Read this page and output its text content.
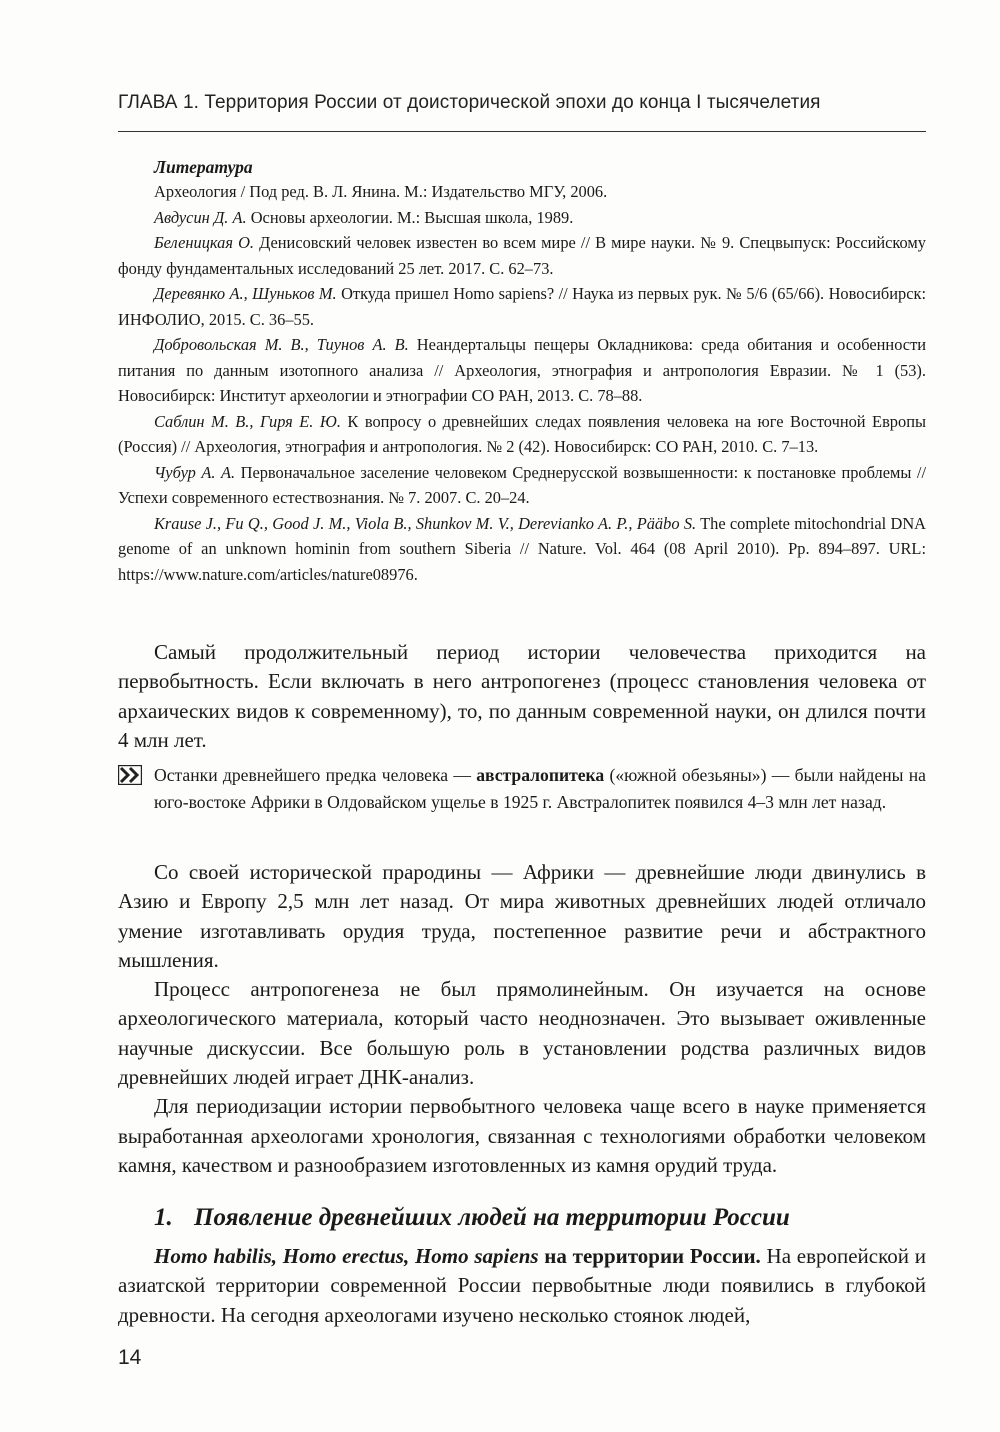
ГЛАВА 1. Территория России от доисторической эпохи до конца I тысячелетия
Литература

Археология / Под ред. В. Л. Янина. М.: Издательство МГУ, 2006.

Авдусин Д. А. Основы археологии. М.: Высшая школа, 1989.

Беленицкая О. Денисовский человек известен во всем мире // В мире науки. № 9. Спецвыпуск: Российскому фонду фундаментальных исследований 25 лет. 2017. С. 62–73.

Деревянко А., Шуньков М. Откуда пришел Homo sapiens? // Наука из первых рук. № 5/6 (65/66). Новосибирск: ИНФОЛИО, 2015. С. 36–55.

Добровольская М. В., Тиунов А. В. Неандертальцы пещеры Окладникова: среда обитания и особенности питания по данным изотопного анализа // Археология, этнография и антропология Евразии. № 1 (53). Новосибирск: Институт археологии и этнографии СО РАН, 2013. С. 78–88.

Саблин М. В., Гиря Е. Ю. К вопросу о древнейших следах появления человека на юге Восточной Европы (Россия) // Археология, этнография и антропология. № 2 (42). Новосибирск: СО РАН, 2010. С. 7–13.

Чубур А. А. Первоначальное заселение человеком Среднерусской возвышенности: к постановке проблемы // Успехи современного естествознания. № 7. 2007. С. 20–24.

Krause J., Fu Q., Good J. M., Viola B., Shunkov M. V., Derevianko A. P., Pääbo S. The complete mitochondrial DNA genome of an unknown hominin from southern Siberia // Nature. Vol. 464 (08 April 2010). Pp. 894–897. URL: https://www.nature.com/articles/nature08976.

Самый продолжительный период истории человечества приходится на первобытность. Если включать в него антропогенез (процесс становления человека от архаических видов к современному), то, по данным современной науки, он длился почти 4 млн лет.

Останки древнейшего предка человека — австралопитека («южной обезьяны») — были найдены на юго-востоке Африки в Олдовайском ущелье в 1925 г. Австралопитек появился 4–3 млн лет назад.

Со своей исторической прародины — Африки — древнейшие люди двинулись в Азию и Европу 2,5 млн лет назад. От мира животных древнейших людей отличало умение изготавливать орудия труда, постепенное развитие речи и абстрактного мышления.

Процесс антропогенеза не был прямолинейным. Он изучается на основе археологического материала, который часто неоднозначен. Это вызывает оживленные научные дискуссии. Все большую роль в установлении родства различных видов древнейших людей играет ДНК-анализ.

Для периодизации истории первобытного человека чаще всего в науке применяется выработанная археологами хронология, связанная с технологиями обработки человеком камня, качеством и разнообразием изготовленных из камня орудий труда.

1. Появление древнейших людей на территории России

Homo habilis, Homo erectus, Homo sapiens на территории России. На европейской и азиатской территории современной России первобытные люди появились в глубокой древности. На сегодня археологами изучено несколько стоянок людей,

14
